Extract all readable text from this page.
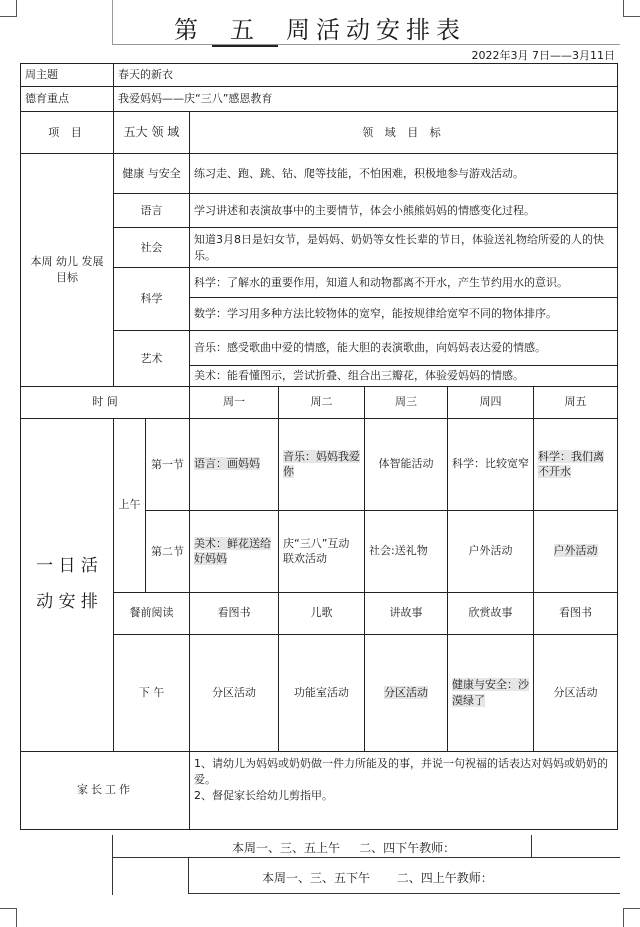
第 五 周活动安排表
2022年3月 7日——3月11日
周主题	春天的新衣						
德育重点	我爱妈妈——庆“三八”感恩教育						
项 目	五大 领 域		领 域 目 标				
本周 幼儿 发展 目标	健康 与安全		练习走、跑、跳、钻、爬等技能，不怕困难，积极地参与游戏活动。				
	语言		学习讲述和表演故事中的主要情节，体会小熊熊妈妈的情感变化过程。				
	社会		知道3月8日是妇女节，是妈妈、奶奶等女性长辈的节日，体验送礼物给所爱的人的快乐。				
	科学		科学：了解水的重要作用，知道人和动物都离不开水，产生节约用水的意识。				
			数学：学习用多种方法比较物体的宽窄，能按规律给宽窄不同的物体排序。				
	艺术		音乐：感受歌曲中爱的情感，能大胆的表演歌曲，向妈妈表达爱的情感。				
			美术：能看懂图示，尝试折叠、组合出三瓣花，体验爱妈妈的情感。				
时 间			周一	周二	周三	周四	周五
一 日 活 动 安 排	上午	第一节	语言：画妈妈	音乐：妈妈我爱你	体智能活动	科学：比较宽窄	科学：我们离不开水
		第二节	美术：鲜花送给好妈妈	庆“三八”互动联欢活动	社会:送礼物	户外活动	户外活动
	餐前阅读		看图书	儿歌	讲故事	欣赏故事	看图书
	下 午		分区活动	功能室活动	分区活动	健康与安全：沙漠绿了	分区活动

家长工作			1、请幼儿为妈妈或奶奶做一件力所能及的事，并说一句祝福的话表达对妈妈或奶奶的爱。
2、督促家长给幼儿剪指甲。				
本周一、三、五上午     二、四下午教师：
本周一、三、五下午       二、四上午教师：
